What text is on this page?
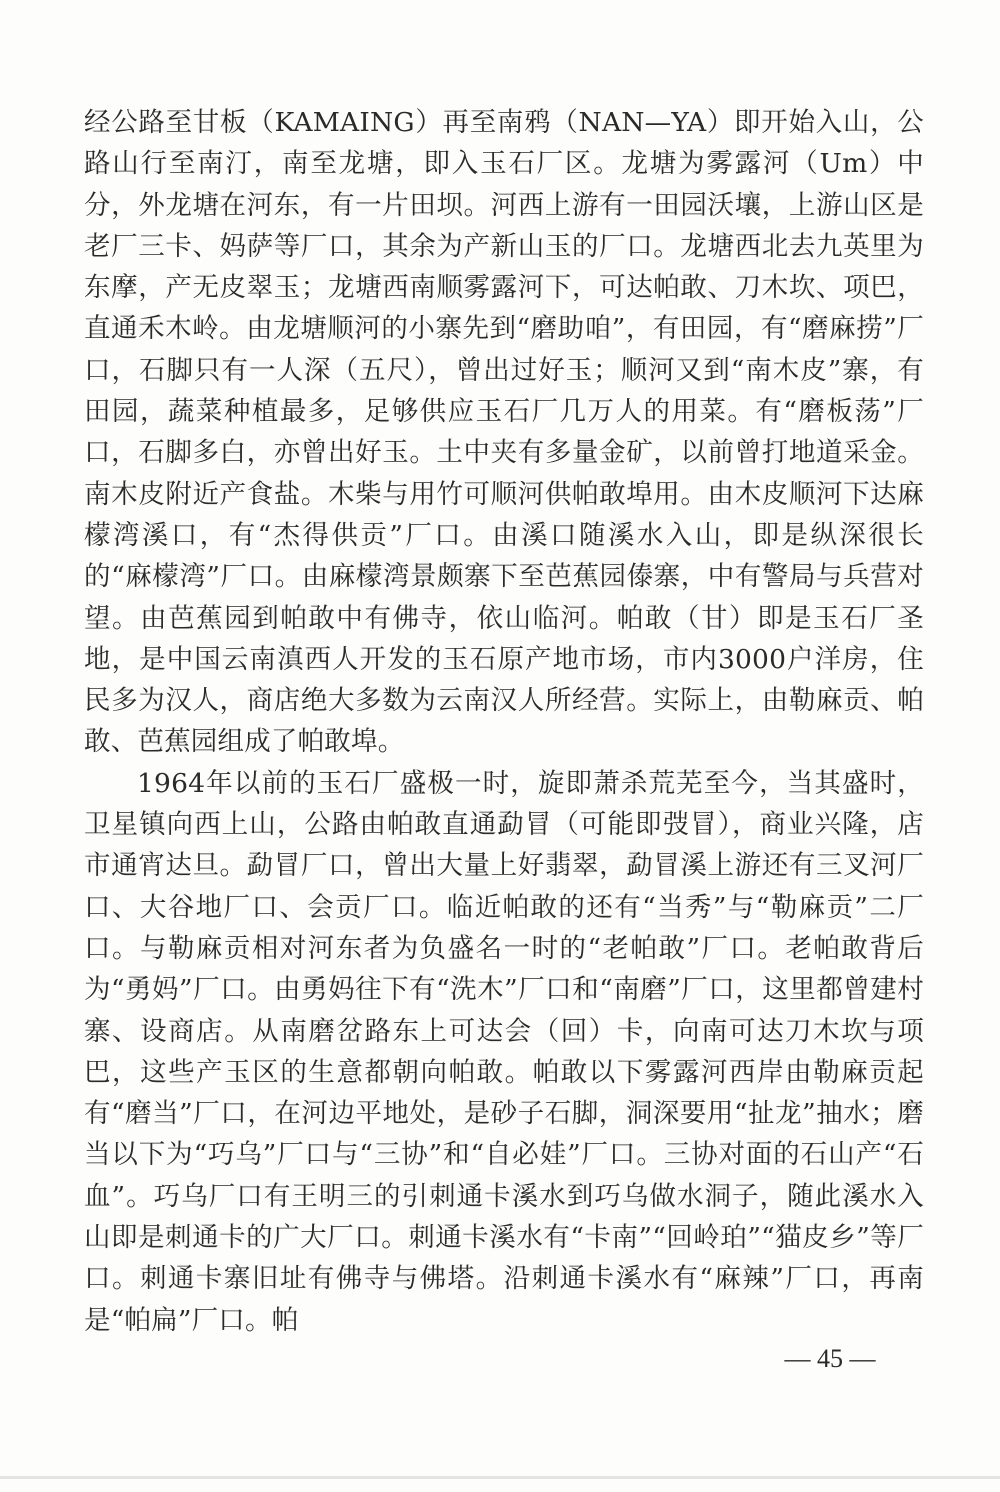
经公路至甘板（KAMAING）再至南鸦（NAN—YA）即开始入山，公路山行至南汀，南至龙塘，即入玉石厂区。龙塘为雾露河（Um）中分，外龙塘在河东，有一片田坝。河西上游有一田园沃壤，上游山区是老厂三卡、妈萨等厂口，其余为产新山玉的厂口。龙塘西北去九英里为东摩，产无皮翠玉；龙塘西南顺雾露河下，可达帕敢、刀木坎、项巴，直通禾木岭。由龙塘顺河的小寨先到“磨助咱”，有田园，有“磨麻捞”厂口，石脚只有一人深（五尺），曾出过好玉；顺河又到“南木皮”寨，有田园，蔬菜种植最多，足够供应玉石厂几万人的用菜。有“磨板荡”厂口，石脚多白，亦曾出好玉。土中夹有多量金矿，以前曾打地道采金。南木皮附近产食盐。木柴与用竹可顺河供帕敢埠用。由木皮顺河下达麻檬湾溪口，有“杰得供贡”厂口。由溪口随溪水入山，即是纵深很长的“麻檬湾”厂口。由麻檬湾景颇寨下至芭蕉园傣寨，中有警局与兵营对望。由芭蕉园到帕敢中有佛寺，依山临河。帕敢（甘）即是玉石厂圣地，是中国云南滇西人开发的玉石原产地市场，市内3000户洋房，住民多为汉人，商店绝大多数为云南汉人所经营。实际上，由勒麻贡、帕敢、芭蕉园组成了帕敢埠。

1964年以前的玉石厂盛极一时，旋即萧杀荒芜至今，当其盛时，卫星镇向西上山，公路由帕敢直通勐冒（可能即弢冒），商业兴隆，店市通宵达旦。勐冒厂口，曾出大量上好翡翠，勐冒溪上游还有三叉河厂口、大谷地厂口、会贡厂口。临近帕敢的还有“当秀”与“勒麻贡”二厂口。与勒麻贡相对河东者为负盛名一时的“老帕敢”厂口。老帕敢背后为“勇妈”厂口。由勇妈往下有“洗木”厂口和“南磨”厂口，这里都曾建村寨、设商店。从南磨岔路东上可达会（回）卡，向南可达刀木坎与项巴，这些产玉区的生意都朝向帕敢。帕敢以下雾露河西岸由勒麻贡起有“磨当”厂口，在河边平地处，是砂子石脚，洞深要用“扯龙”抽水；磨当以下为“巧乌”厂口与“三协”和“自必娃”厂口。三协对面的石山产“石血”。巧乌厂口有王明三的引刺通卡溪水到巧乌做水洞子，随此溪水入山即是刺通卡的广大厂口。刺通卡溪水有“卡南”“回岭珀”“猫皮乡”等厂口。刺通卡寨旧址有佛寺与佛塔。沿刺通卡溪水有“麻辣”厂口，再南是“帕扁”厂口。帕

— 45 —
